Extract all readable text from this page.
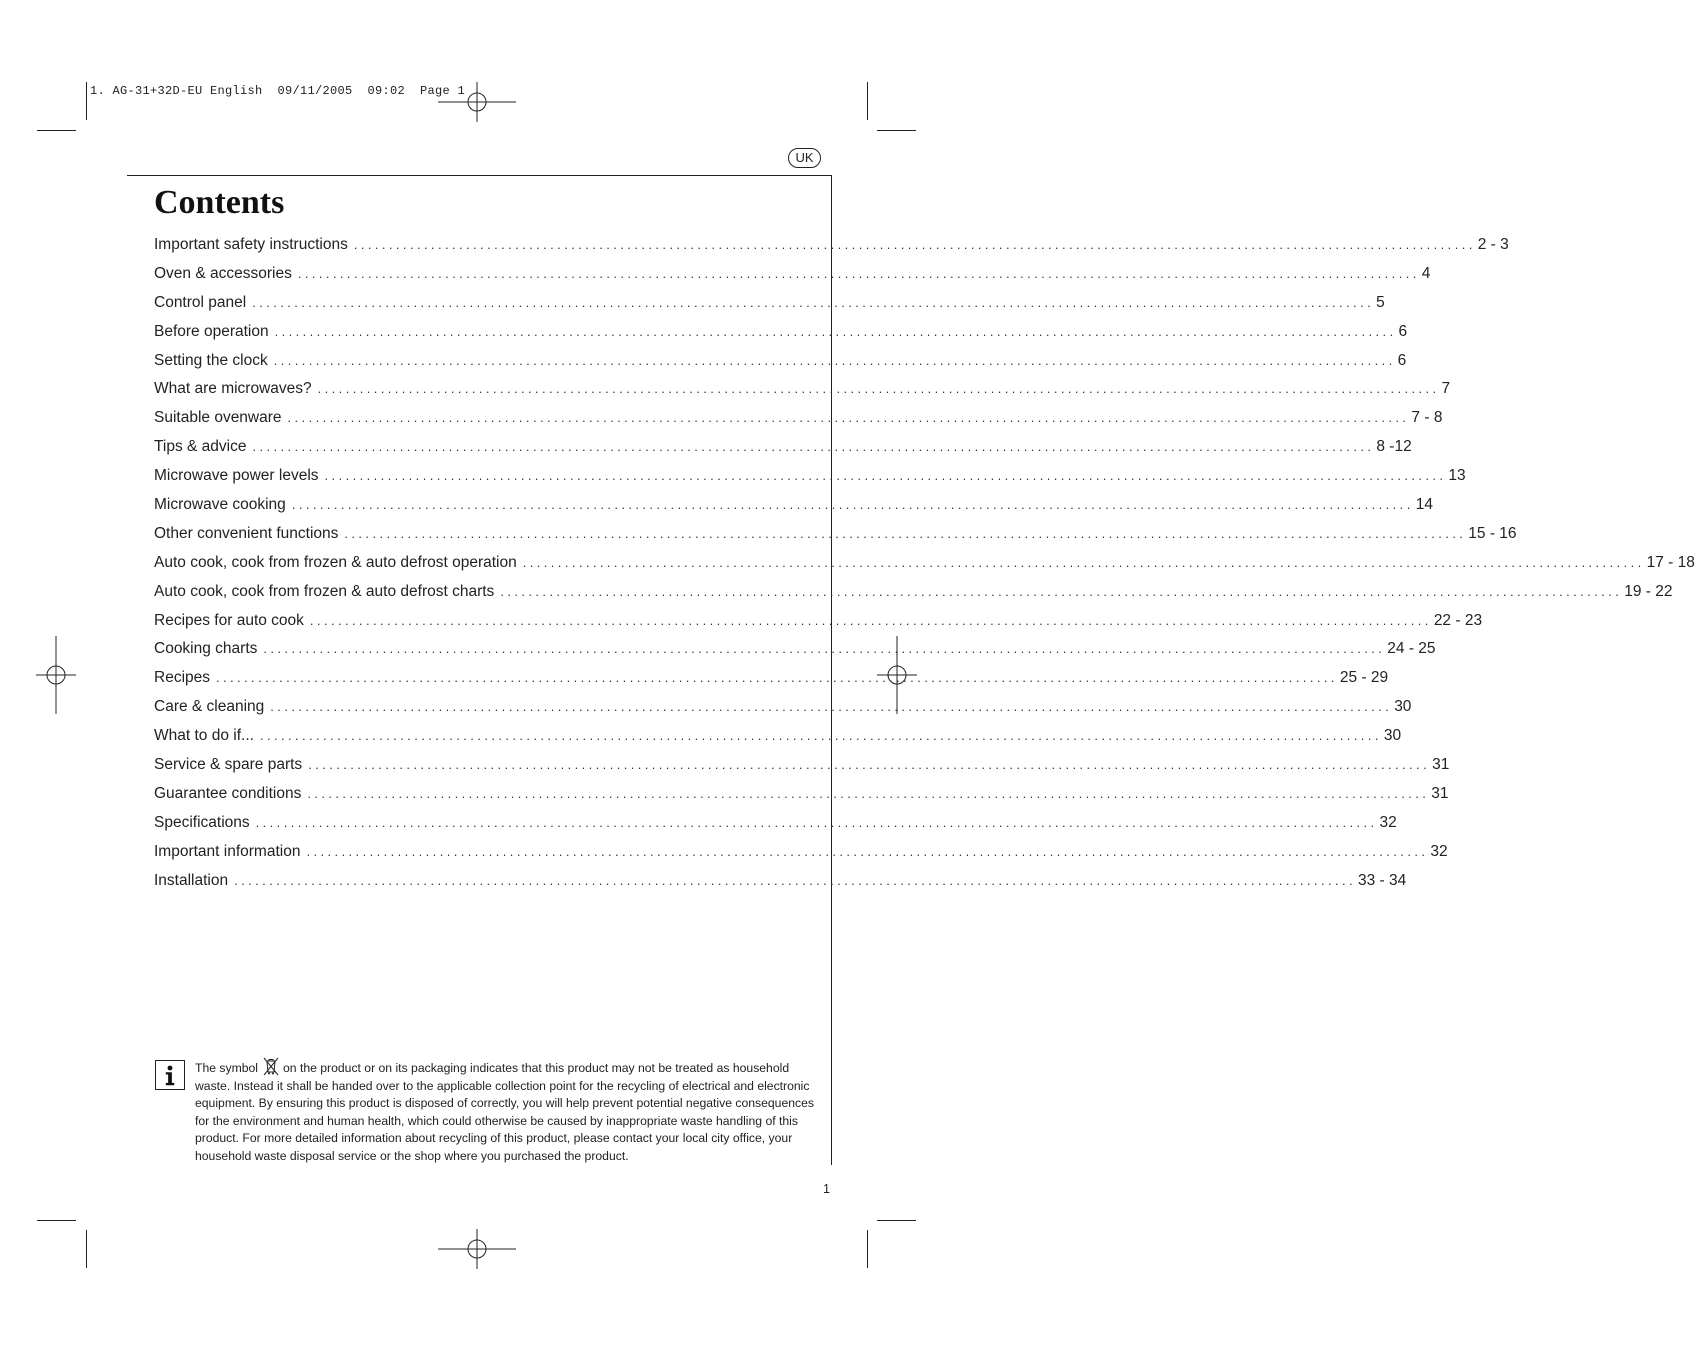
1. AG-31+32D-EU English  09/11/2005  09:02  Page 1
UK
Contents
Important safety instructions ................................................................................................................................................................ 2 - 3
Oven & accessories ................................................................................................................................................................ 4
Control panel ................................................................................................................................................................ 5
Before operation ................................................................................................................................................................ 6
Setting the clock ................................................................................................................................................................ 6
What are microwaves? ................................................................................................................................................................ 7
Suitable ovenware ................................................................................................................................................................ 7 - 8
Tips & advice ................................................................................................................................................................ 8 -12
Microwave power levels ................................................................................................................................................................ 13
Microwave cooking ................................................................................................................................................................ 14
Other convenient functions ................................................................................................................................................................ 15 - 16
Auto cook, cook from frozen & auto defrost operation ................................................................................................................................................................ 17 - 18
Auto cook, cook from frozen & auto defrost charts ................................................................................................................................................................ 19 - 22
Recipes for auto cook ................................................................................................................................................................ 22 - 23
Cooking charts ................................................................................................................................................................ 24 - 25
Recipes ................................................................................................................................................................ 25 - 29
Care & cleaning ................................................................................................................................................................ 30
What to do if... ................................................................................................................................................................ 30
Service & spare parts ................................................................................................................................................................ 31
Guarantee conditions ................................................................................................................................................................ 31
Specifications ................................................................................................................................................................ 32
Important information ................................................................................................................................................................ 32
Installation ................................................................................................................................................................ 33 - 34

The symbol on the product or on its packaging indicates that this product may not be treated as household waste. Instead it shall be handed over to the applicable collection point for the recycling of electrical and electronic equipment. By ensuring this product is disposed of correctly, you will help prevent potential negative consequences for the environment and human health, which could otherwise be caused by inappropriate waste handling of this product. For more detailed information about recycling of this product, please contact your local city office, your household waste disposal service or the shop where you purchased the product.

1
